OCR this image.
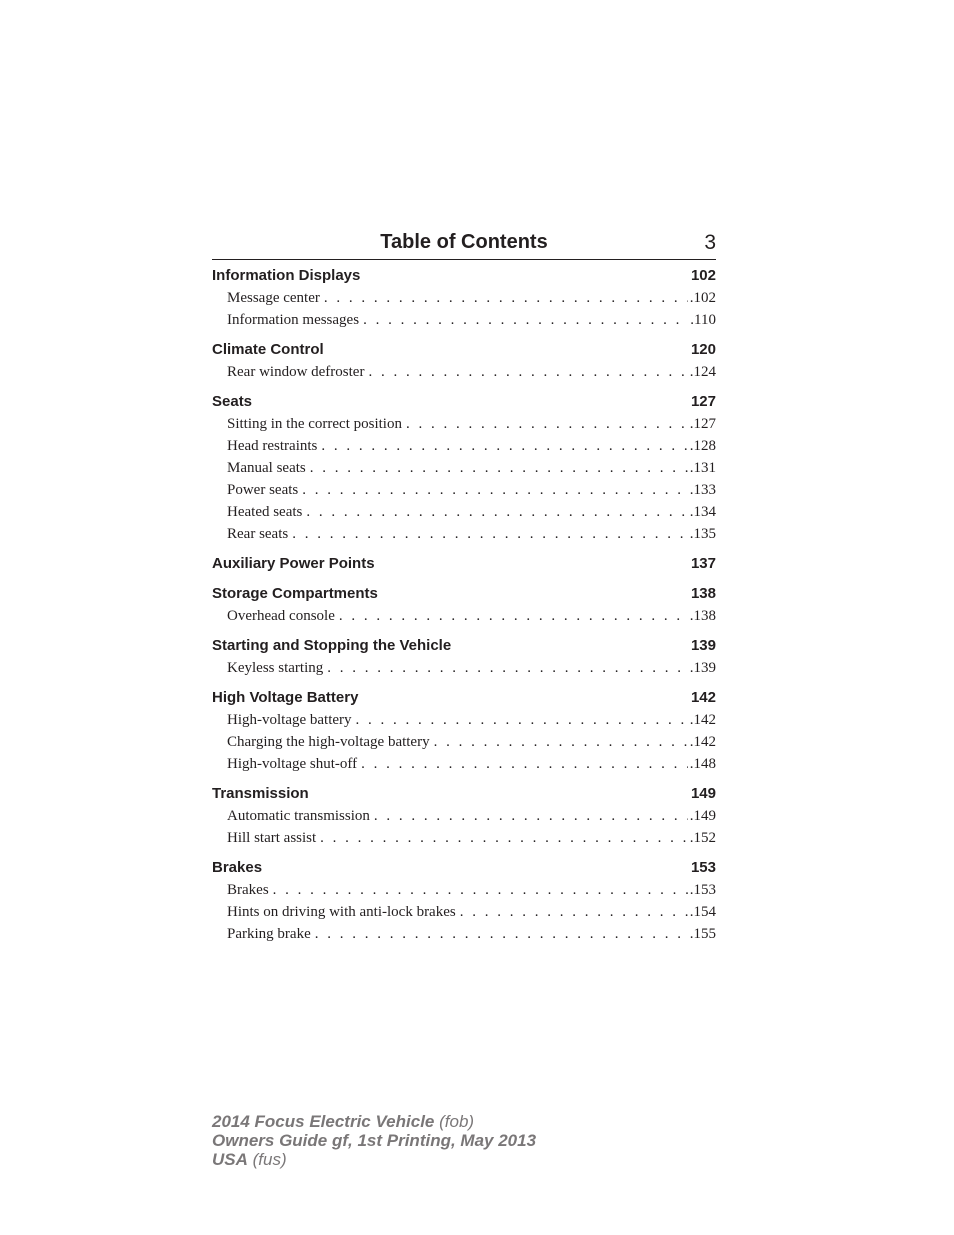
Table of Contents	3
Information Displays	102
Message center . . .	.102
Information messages . . .	.110
Climate Control	120
Rear window defroster . . .	.124
Seats	127
Sitting in the correct position . . .	.127
Head restraints . . .	.128
Manual seats . . .	.131
Power seats . . .	.133
Heated seats . . .	.134
Rear seats . . .	.135
Auxiliary Power Points	137
Storage Compartments	138
Overhead console . . .	.138
Starting and Stopping the Vehicle	139
Keyless starting . . .	.139
High Voltage Battery	142
High-voltage battery . . .	.142
Charging the high-voltage battery . . .	.142
High-voltage shut-off . . .	.148
Transmission	149
Automatic transmission . . .	.149
Hill start assist . . .	.152
Brakes	153
Brakes . . .	.153
Hints on driving with anti-lock brakes . . .	.154
Parking brake . . .	.155
2014 Focus Electric Vehicle (fob)
Owners Guide gf, 1st Printing, May 2013
USA (fus)
